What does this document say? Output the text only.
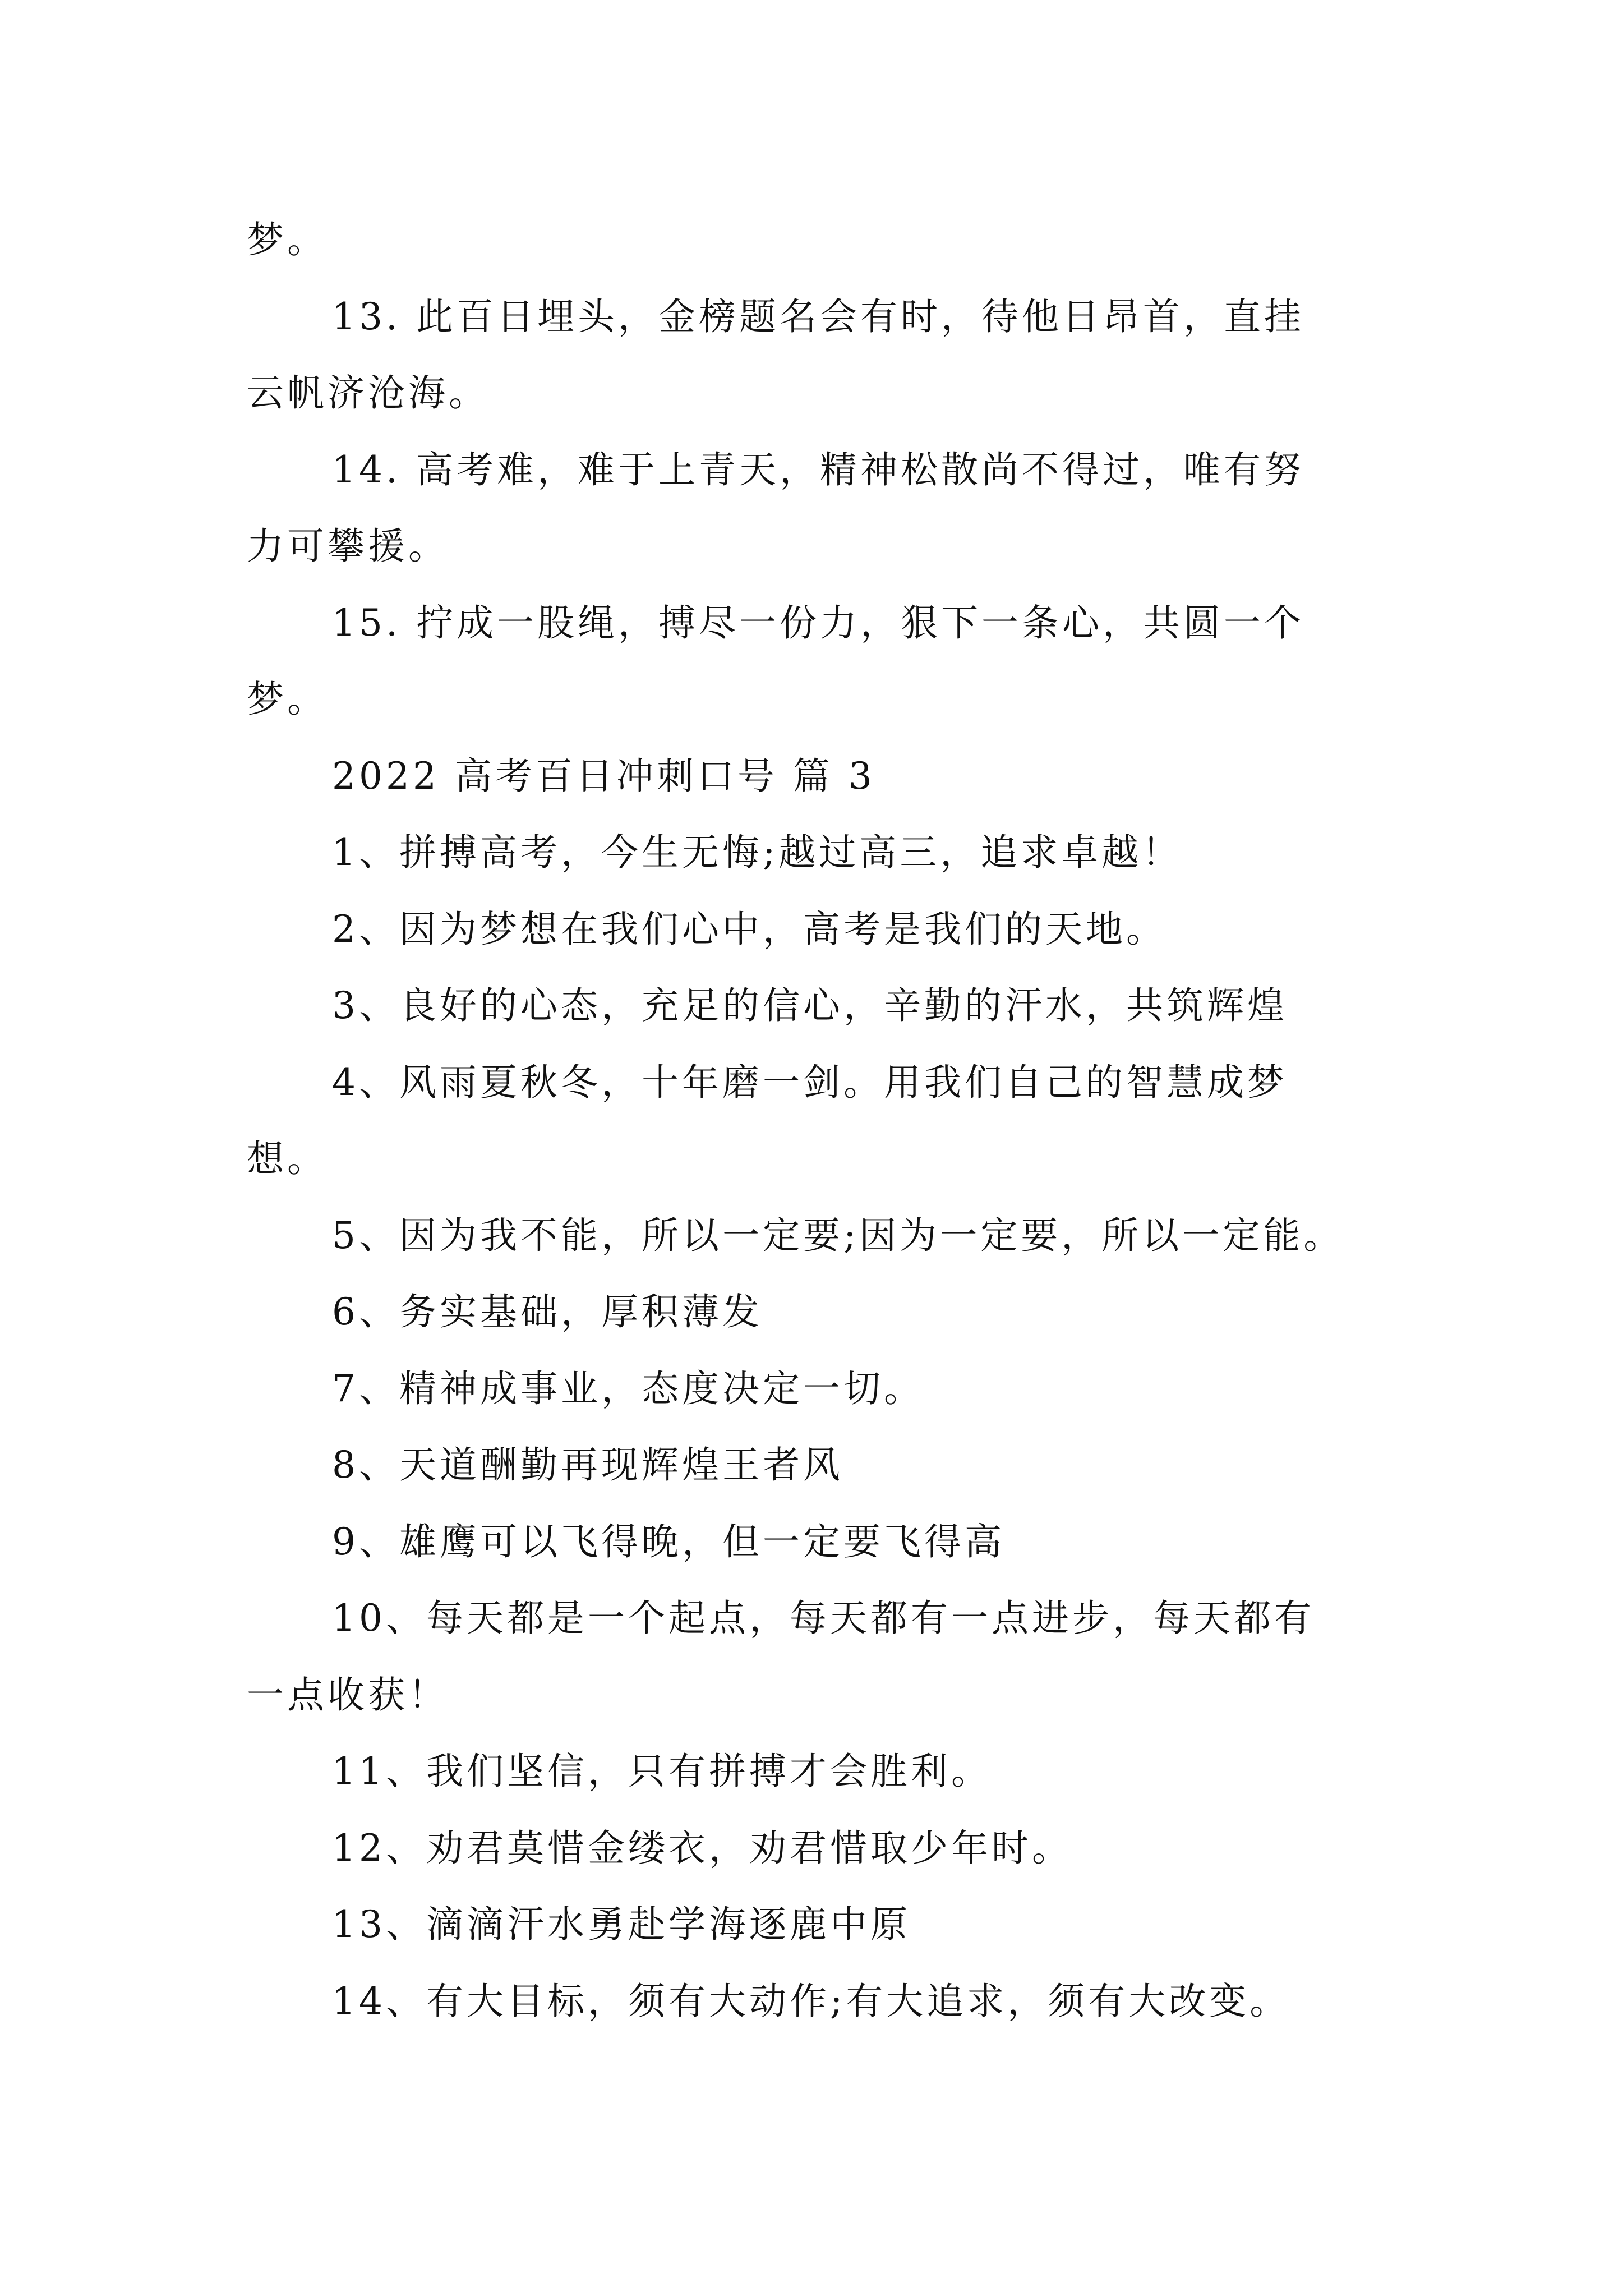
梦。
13. 此百日埋头，金榜题名会有时，待他日昂首，直挂
云帆济沧海。
14. 高考难，难于上青天，精神松散尚不得过，唯有努
力可攀援。
15. 拧成一股绳，搏尽一份力，狠下一条心，共圆一个
梦。
2022 高考百日冲刺口号 篇 3
1、拼搏高考，今生无悔;越过高三，追求卓越！
2、因为梦想在我们心中，高考是我们的天地。
3、良好的心态，充足的信心，辛勤的汗水，共筑辉煌
4、风雨夏秋冬，十年磨一剑。用我们自己的智慧成梦
想。
5、因为我不能，所以一定要;因为一定要，所以一定能。
6、务实基础，厚积薄发
7、精神成事业，态度决定一切。
8、天道酬勤再现辉煌王者风
9、雄鹰可以飞得晚，但一定要飞得高
10、每天都是一个起点，每天都有一点进步，每天都有
一点收获！
11、我们坚信，只有拼搏才会胜利。
12、劝君莫惜金缕衣，劝君惜取少年时。
13、滴滴汗水勇赴学海逐鹿中原
14、有大目标，须有大动作;有大追求，须有大改变。
